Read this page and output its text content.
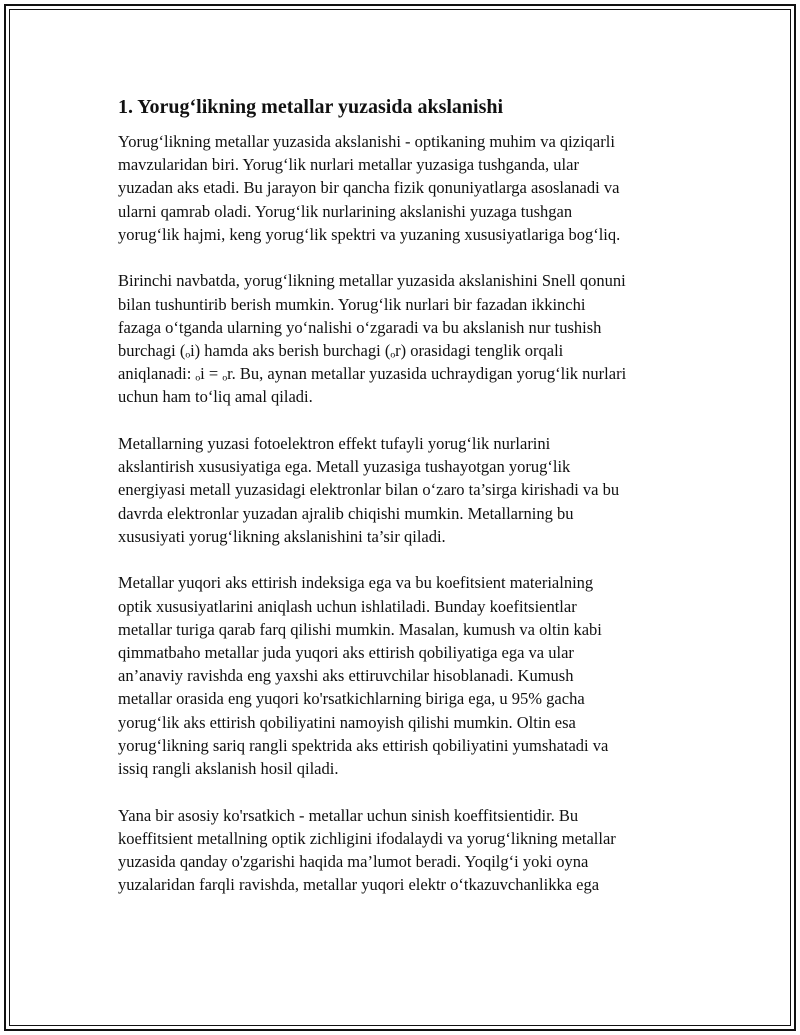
1. Yorug‘likning metallar yuzasida akslanishi

Yorug‘likning metallar yuzasida akslanishi - optikaning muhim va qiziqarli
mavzularidan biri. Yorug‘lik nurlari metallar yuzasiga tushganda, ular
yuzadan aks etadi. Bu jarayon bir qancha fizik qonuniyatlarga asoslanadi va
ularni qamrab oladi. Yorug‘lik nurlarining akslanishi yuzaga tushgan
yorug‘lik hajmi, keng yorug‘lik spektri va yuzaning xususiyatlariga bog‘liq.

Birinchi navbatda, yorug‘likning metallar yuzasida akslanishini Snell qonuni
bilan tushuntirib berish mumkin. Yorug‘lik nurlari bir fazadan ikkinchi
fazaga o‘tganda ularning yo‘nalishi o‘zgaradi va bu akslanish nur tushish
burchagi (ₒi) hamda aks berish burchagi (ₒr) orasidagi tenglik orqali
aniqlanadi: ₒi = ₒr. Bu, aynan metallar yuzasida uchraydigan yorug‘lik nurlari
uchun ham to‘liq amal qiladi.

Metallarning yuzasi fotoelektron effekt tufayli yorug‘lik nurlarini
akslantirish xususiyatiga ega. Metall yuzasiga tushayotgan yorug‘lik
energiyasi metall yuzasidagi elektronlar bilan o‘zaro ta’sirga kirishadi va bu
davrda elektronlar yuzadan ajralib chiqishi mumkin. Metallarning bu
xususiyati yorug‘likning akslanishini ta’sir qiladi.

Metallar yuqori aks ettirish indeksiga ega va bu koefitsient materialning
optik xususiyatlarini aniqlash uchun ishlatiladi. Bunday koefitsientlar
metallar turiga qarab farq qilishi mumkin. Masalan, kumush va oltin kabi
qimmatbaho metallar juda yuqori aks ettirish qobiliyatiga ega va ular
an’anaviy ravishda eng yaxshi aks ettiruvchilar hisoblanadi. Kumush
metallar orasida eng yuqori ko'rsatkichlarning biriga ega, u 95% gacha
yorug‘lik aks ettirish qobiliyatini namoyish qilishi mumkin. Oltin esa
yorug‘likning sariq rangli spektrida aks ettirish qobiliyatini yumshatadi va
issiq rangli akslanish hosil qiladi.

Yana bir asosiy ko'rsatkich - metallar uchun sinish koeffitsientidir. Bu
koeffitsient metallning optik zichligini ifodalaydi va yorug‘likning metallar
yuzasida qanday o'zgarishi haqida ma’lumot beradi. Yoqilg‘i yoki oyna
yuzalaridan farqli ravishda, metallar yuqori elektr o‘tkazuvchanlikka ega
